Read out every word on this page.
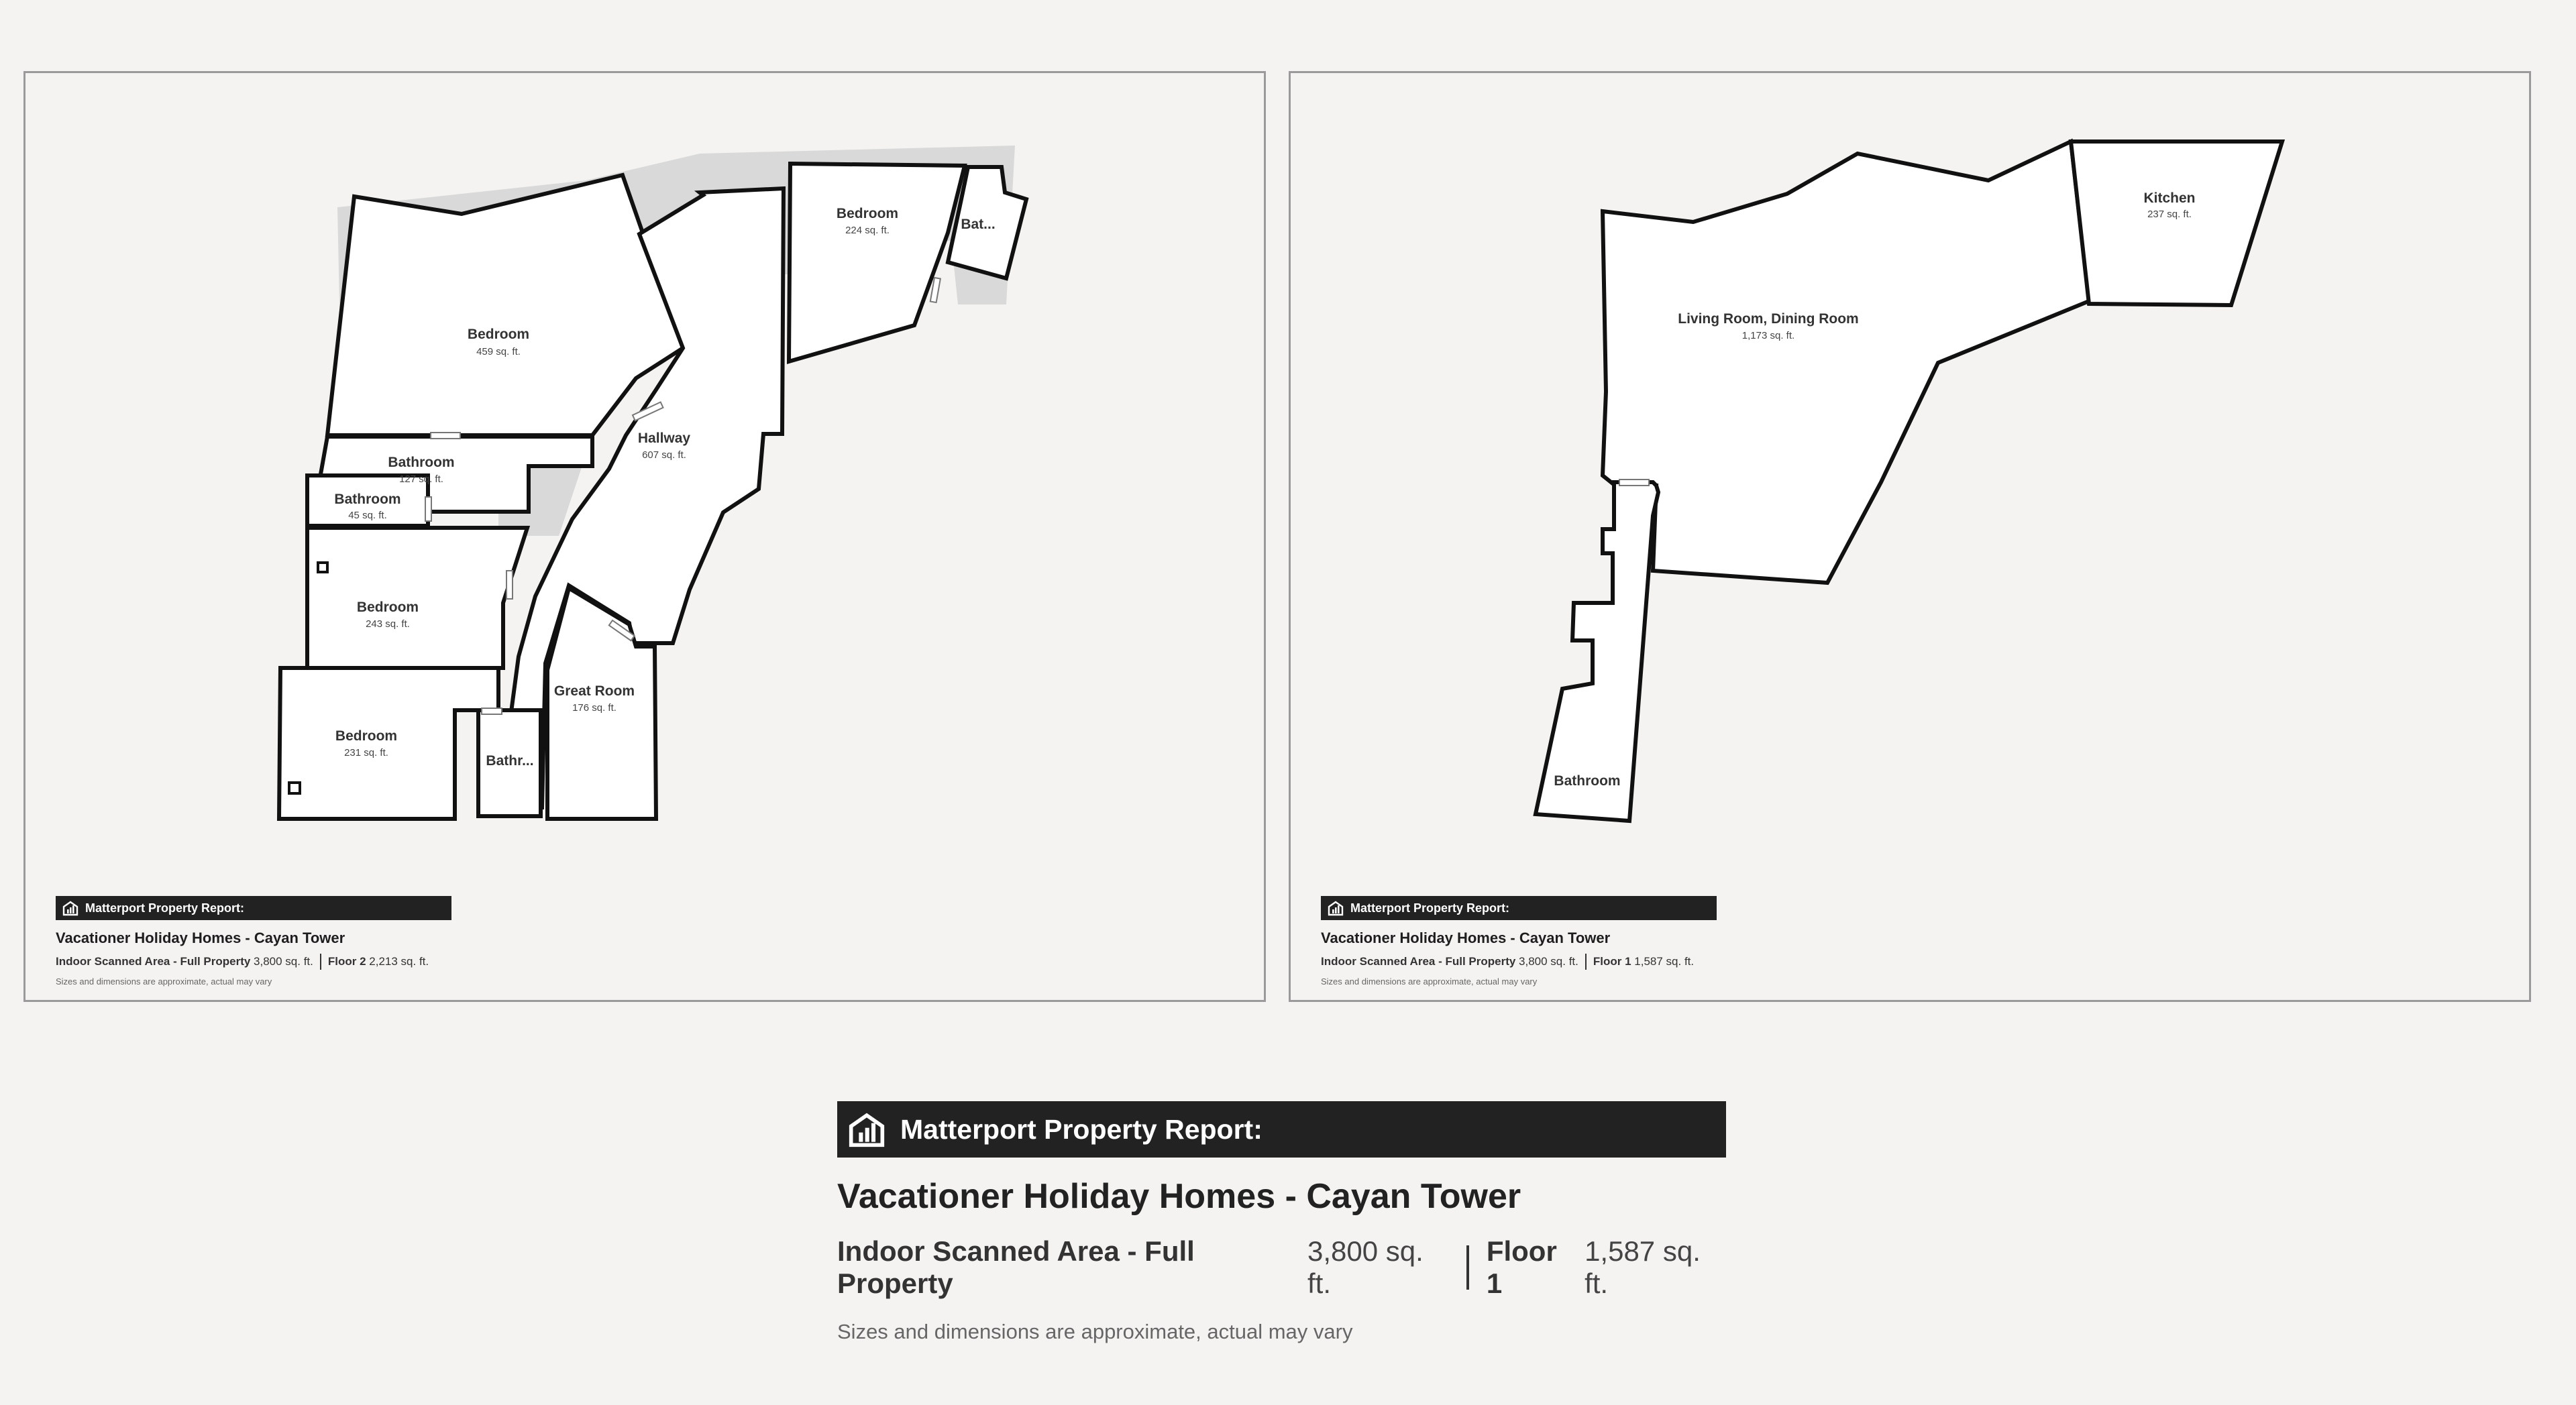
Bedroom
459 sq. ft.
Bathroom
127 sq. ft.
Bathroom
45 sq. ft.
Bedroom
243 sq. ft.
Bedroom
231 sq. ft.
Bathr...
Great Room
176 sq. ft.
Hallway
607 sq. ft.
Bedroom
224 sq. ft.	Bat...
Matterport Property Report:
Vacationer Holiday Homes - Cayan Tower
Indoor Scanned Area - Full Property
3,800 sq. ft. Floor 2
2,213 sq. ft.
Sizes and dimensions are approximate, actual may vary
Kitchen
237 sq. ft.
Living Room, Dining Room
1,173 sq. ft.
Bathroom
Matterport Property Report:
Vacationer Holiday Homes - Cayan Tower
Indoor Scanned Area - Full Property
3,800 sq. ft. Floor 1
1,587 sq. ft.
Sizes and dimensions are approximate, actual may vary
Matterport Property Report:
Vacationer Holiday Homes - Cayan Tower
Indoor Scanned Area - Full Property

3,800 sq. ft.
Floor 1

1,587 sq. ft.
Sizes and dimensions are approximate, actual may vary
